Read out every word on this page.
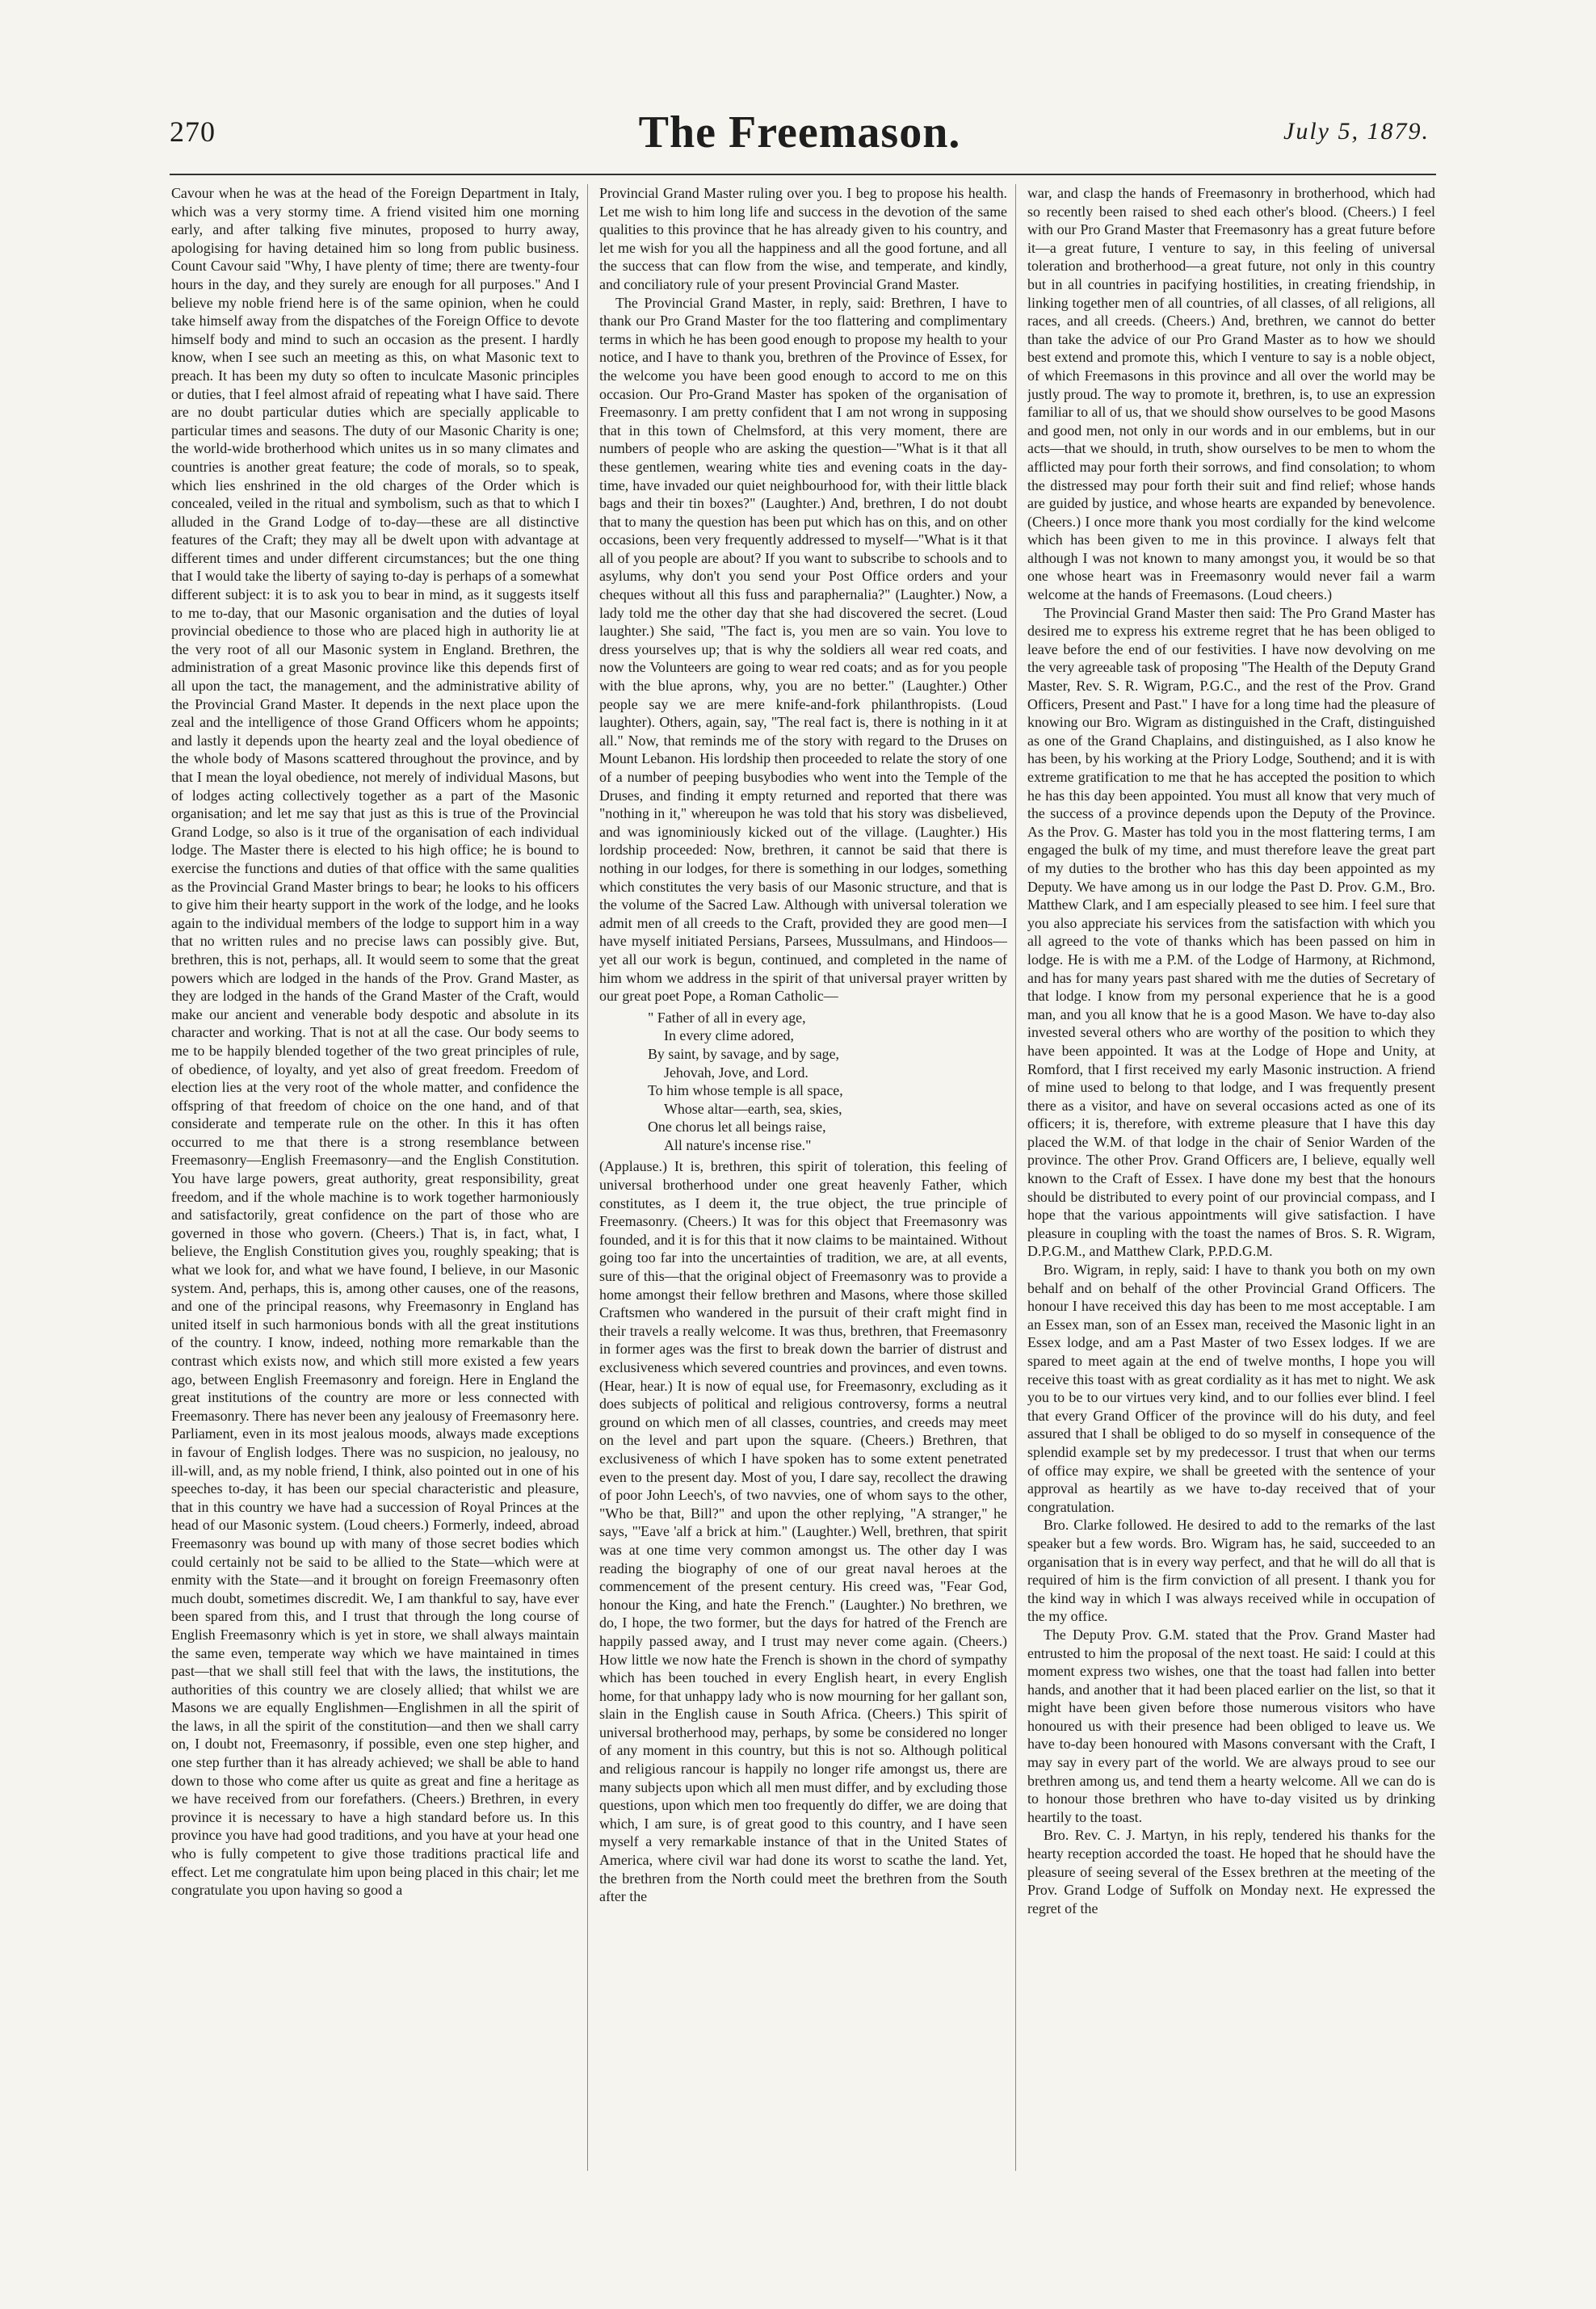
270	The Freemason.	July 5, 1879.

Cavour when he was at the head of the Foreign Department in Italy, which was a very stormy time. A friend visited him one morning early, and after talking five minutes, proposed to hurry away, apologising for having detained him so long from public business. Count Cavour said "Why, I have plenty of time; there are twenty-four hours in the day, and they surely are enough for all purposes." And I believe my noble friend here is of the same opinion, when he could take himself away from the dispatches of the Foreign Office to devote himself body and mind to such an occasion as the present. I hardly know, when I see such an meeting as this, on what Masonic text to preach. It has been my duty so often to inculcate Masonic principles or duties, that I feel almost afraid of repeating what I have said. There are no doubt particular duties which are specially applicable to particular times and seasons. The duty of our Masonic Charity is one; the world-wide brotherhood which unites us in so many climates and countries is another great feature; the code of morals, so to speak, which lies enshrined in the old charges of the Order which is concealed, veiled in the ritual and symbolism, such as that to which I alluded in the Grand Lodge of to-day—these are all distinctive features of the Craft; they may all be dwelt upon with advantage at different times and under different circumstances; but the one thing that I would take the liberty of saying to-day is perhaps of a somewhat different subject: it is to ask you to bear in mind, as it suggests itself to me to-day, that our Masonic organisation and the duties of loyal provincial obedience to those who are placed high in authority lie at the very root of all our Masonic system in England. Brethren, the administration of a great Masonic province like this depends first of all upon the tact, the management, and the administrative ability of the Provincial Grand Master. It depends in the next place upon the zeal and the intelligence of those Grand Officers whom he appoints; and lastly it depends upon the hearty zeal and the loyal obedience of the whole body of Masons scattered throughout the province, and by that I mean the loyal obedience, not merely of individual Masons, but of lodges acting collectively together as a part of the Masonic organisation; and let me say that just as this is true of the Provincial Grand Lodge, so also is it true of the organisation of each individual lodge. The Master there is elected to his high office; he is bound to exercise the functions and duties of that office with the same qualities as the Provincial Grand Master brings to bear; he looks to his officers to give him their hearty support in the work of the lodge, and he looks again to the individual members of the lodge to support him in a way that no written rules and no precise laws can possibly give. But, brethren, this is not, perhaps, all. It would seem to some that the great powers which are lodged in the hands of the Prov. Grand Master, as they are lodged in the hands of the Grand Master of the Craft, would make our ancient and venerable body despotic and absolute in its character and working. That is not at all the case. Our body seems to me to be happily blended together of the two great principles of rule, of obedience, of loyalty, and yet also of great freedom. Freedom of election lies at the very root of the whole matter, and confidence the offspring of that freedom of choice on the one hand, and of that considerate and temperate rule on the other. In this it has often occurred to me that there is a strong resemblance between Freemasonry—English Freemasonry—and the English Constitution. You have large powers, great authority, great responsibility, great freedom, and if the whole machine is to work together harmoniously and satisfactorily, great confidence on the part of those who are governed in those who govern. (Cheers.) That is, in fact, what, I believe, the English Constitution gives you, roughly speaking; that is what we look for, and what we have found, I believe, in our Masonic system. And, perhaps, this is, among other causes, one of the reasons, and one of the principal reasons, why Freemasonry in England has united itself in such harmonious bonds with all the great institutions of the country. I know, indeed, nothing more remarkable than the contrast which exists now, and which still more existed a few years ago, between English Freemasonry and foreign. Here in England the great institutions of the country are more or less connected with Freemasonry. There has never been any jealousy of Freemasonry here. Parliament, even in its most jealous moods, always made exceptions in favour of English lodges. There was no suspicion, no jealousy, no ill-will, and, as my noble friend, I think, also pointed out in one of his speeches to-day, it has been our special characteristic and pleasure, that in this country we have had a succession of Royal Princes at the head of our Masonic system. (Loud cheers.) Formerly, indeed, abroad Freemasonry was bound up with many of those secret bodies which could certainly not be said to be allied to the State—which were at enmity with the State—and it brought on foreign Freemasonry often much doubt, sometimes discredit. We, I am thankful to say, have ever been spared from this, and I trust that through the long course of English Freemasonry which is yet in store, we shall always maintain the same even, temperate way which we have maintained in times past—that we shall still feel that with the laws, the institutions, the authorities of this country we are closely allied; that whilst we are Masons we are equally Englishmen—Englishmen in all the spirit of the laws, in all the spirit of the constitution—and then we shall carry on, I doubt not, Freemasonry, if possible, even one step higher, and one step further than it has already achieved; we shall be able to hand down to those who come after us quite as great and fine a heritage as we have received from our forefathers. (Cheers.) Brethren, in every province it is necessary to have a high standard before us. In this province you have had good traditions, and you have at your head one who is fully competent to give those traditions practical life and effect. Let me congratulate him upon being placed in this chair; let me congratulate you upon having so good a

Provincial Grand Master ruling over you. I beg to propose his health. Let me wish to him long life and success in the devotion of the same qualities to this province that he has already given to his country, and let me wish for you all the happiness and all the good fortune, and all the success that can flow from the wise, and temperate, and kindly, and conciliatory rule of your present Provincial Grand Master.

The Provincial Grand Master, in reply, said: Brethren, I have to thank our Pro Grand Master for the too flattering and complimentary terms in which he has been good enough to propose my health to your notice, and I have to thank you, brethren of the Province of Essex, for the welcome you have been good enough to accord to me on this occasion. Our Pro-Grand Master has spoken of the organisation of Freemasonry. I am pretty confident that I am not wrong in supposing that in this town of Chelmsford, at this very moment, there are numbers of people who are asking the question—"What is it that all these gentlemen, wearing white ties and evening coats in the day-time, have invaded our quiet neighbourhood for, with their little black bags and their tin boxes?" (Laughter.) And, brethren, I do not doubt that to many the question has been put which has on this, and on other occasions, been very frequently addressed to myself—"What is it that all of you people are about? If you want to subscribe to schools and to asylums, why don't you send your Post Office orders and your cheques without all this fuss and paraphernalia?" (Laughter.) Now, a lady told me the other day that she had discovered the secret. (Loud laughter.) She said, "The fact is, you men are so vain. You love to dress yourselves up; that is why the soldiers all wear red coats, and now the Volunteers are going to wear red coats; and as for you people with the blue aprons, why, you are no better." (Laughter.) Other people say we are mere knife-and-fork philanthropists. (Loud laughter). Others, again, say, "The real fact is, there is nothing in it at all." Now, that reminds me of the story with regard to the Druses on Mount Lebanon. His lordship then proceeded to relate the story of one of a number of peeping busybodies who went into the Temple of the Druses, and finding it empty returned and reported that there was "nothing in it," whereupon he was told that his story was disbelieved, and was ignominiously kicked out of the village. (Laughter.) His lordship proceeded: Now, brethren, it cannot be said that there is nothing in our lodges, for there is something in our lodges, something which constitutes the very basis of our Masonic structure, and that is the volume of the Sacred Law. Although with universal toleration we admit men of all creeds to the Craft, provided they are good men—I have myself initiated Persians, Parsees, Mussulmans, and Hindoos—yet all our work is begun, continued, and completed in the name of him whom we address in the spirit of that universal prayer written by our great poet Pope, a Roman Catholic—

" Father of all in every age,
In every clime adored,
By saint, by savage, and by sage,
Jehovah, Jove, and Lord.
To him whose temple is all space,
Whose altar—earth, sea, skies,
One chorus let all beings raise,
All nature's incense rise."

(Applause.) It is, brethren, this spirit of toleration, this feeling of universal brotherhood under one great heavenly Father, which constitutes, as I deem it, the true object, the true principle of Freemasonry. (Cheers.) It was for this object that Freemasonry was founded, and it is for this that it now claims to be maintained. Without going too far into the uncertainties of tradition, we are, at all events, sure of this—that the original object of Freemasonry was to provide a home amongst their fellow brethren and Masons, where those skilled Craftsmen who wandered in the pursuit of their craft might find in their travels a really welcome. It was thus, brethren, that Freemasonry in former ages was the first to break down the barrier of distrust and exclusiveness which severed countries and provinces, and even towns. (Hear, hear.) It is now of equal use, for Freemasonry, excluding as it does subjects of political and religious controversy, forms a neutral ground on which men of all classes, countries, and creeds may meet on the level and part upon the square. (Cheers.) Brethren, that exclusiveness of which I have spoken has to some extent penetrated even to the present day. Most of you, I dare say, recollect the drawing of poor John Leech's, of two navvies, one of whom says to the other, "Who be that, Bill?" and upon the other replying, "A stranger," he says, "'Eave 'alf a brick at him." (Laughter.) Well, brethren, that spirit was at one time very common amongst us. The other day I was reading the biography of one of our great naval heroes at the commencement of the present century. His creed was, "Fear God, honour the King, and hate the French." (Laughter.) No brethren, we do, I hope, the two former, but the days for hatred of the French are happily passed away, and I trust may never come again. (Cheers.) How little we now hate the French is shown in the chord of sympathy which has been touched in every English heart, in every English home, for that unhappy lady who is now mourning for her gallant son, slain in the English cause in South Africa. (Cheers.) This spirit of universal brotherhood may, perhaps, by some be considered no longer of any moment in this country, but this is not so. Although political and religious rancour is happily no longer rife amongst us, there are many subjects upon which all men must differ, and by excluding those questions, upon which men too frequently do differ, we are doing that which, I am sure, is of great good to this country, and I have seen myself a very remarkable instance of that in the United States of America, where civil war had done its worst to scathe the land. Yet, the brethren from the North could meet the brethren from the South after the

war, and clasp the hands of Freemasonry in brotherhood, which had so recently been raised to shed each other's blood. (Cheers.) I feel with our Pro Grand Master that Freemasonry has a great future before it—a great future, I venture to say, in this feeling of universal toleration and brotherhood—a great future, not only in this country but in all countries in pacifying hostilities, in creating friendship, in linking together men of all countries, of all classes, of all religions, all races, and all creeds. (Cheers.) And, brethren, we cannot do better than take the advice of our Pro Grand Master as to how we should best extend and promote this, which I venture to say is a noble object, of which Freemasons in this province and all over the world may be justly proud. The way to promote it, brethren, is, to use an expression familiar to all of us, that we should show ourselves to be good Masons and good men, not only in our words and in our emblems, but in our acts—that we should, in truth, show ourselves to be men to whom the afflicted may pour forth their sorrows, and find consolation; to whom the distressed may pour forth their suit and find relief; whose hands are guided by justice, and whose hearts are expanded by benevolence. (Cheers.) I once more thank you most cordially for the kind welcome which has been given to me in this province. I always felt that although I was not known to many amongst you, it would be so that one whose heart was in Freemasonry would never fail a warm welcome at the hands of Freemasons. (Loud cheers.)

The Provincial Grand Master then said: The Pro Grand Master has desired me to express his extreme regret that he has been obliged to leave before the end of our festivities. I have now devolving on me the very agreeable task of proposing "The Health of the Deputy Grand Master, Rev. S. R. Wigram, P.G.C., and the rest of the Prov. Grand Officers, Present and Past." I have for a long time had the pleasure of knowing our Bro. Wigram as distinguished in the Craft, distinguished as one of the Grand Chaplains, and distinguished, as I also know he has been, by his working at the Priory Lodge, Southend; and it is with extreme gratification to me that he has accepted the position to which he has this day been appointed. You must all know that very much of the success of a province depends upon the Deputy of the Province. As the Prov. G. Master has told you in the most flattering terms, I am engaged the bulk of my time, and must therefore leave the great part of my duties to the brother who has this day been appointed as my Deputy. We have among us in our lodge the Past D. Prov. G.M., Bro. Matthew Clark, and I am especially pleased to see him. I feel sure that you also appreciate his services from the satisfaction with which you all agreed to the vote of thanks which has been passed on him in lodge. He is with me a P.M. of the Lodge of Harmony, at Richmond, and has for many years past shared with me the duties of Secretary of that lodge. I know from my personal experience that he is a good man, and you all know that he is a good Mason. We have to-day also invested several others who are worthy of the position to which they have been appointed. It was at the Lodge of Hope and Unity, at Romford, that I first received my early Masonic instruction. A friend of mine used to belong to that lodge, and I was frequently present there as a visitor, and have on several occasions acted as one of its officers; it is, therefore, with extreme pleasure that I have this day placed the W.M. of that lodge in the chair of Senior Warden of the province. The other Prov. Grand Officers are, I believe, equally well known to the Craft of Essex. I have done my best that the honours should be distributed to every point of our provincial compass, and I hope that the various appointments will give satisfaction. I have pleasure in coupling with the toast the names of Bros. S. R. Wigram, D.P.G.M., and Matthew Clark, P.P.D.G.M.

Bro. Wigram, in reply, said: I have to thank you both on my own behalf and on behalf of the other Provincial Grand Officers. The honour I have received this day has been to me most acceptable. I am an Essex man, son of an Essex man, received the Masonic light in an Essex lodge, and am a Past Master of two Essex lodges. If we are spared to meet again at the end of twelve months, I hope you will receive this toast with as great cordiality as it has met to night. We ask you to be to our virtues very kind, and to our follies ever blind. I feel that every Grand Officer of the province will do his duty, and feel assured that I shall be obliged to do so myself in consequence of the splendid example set by my predecessor. I trust that when our terms of office may expire, we shall be greeted with the sentence of your approval as heartily as we have to-day received that of your congratulation.

Bro. Clarke followed. He desired to add to the remarks of the last speaker but a few words. Bro. Wigram has, he said, succeeded to an organisation that is in every way perfect, and that he will do all that is required of him is the firm conviction of all present. I thank you for the kind way in which I was always received while in occupation of the my office.

The Deputy Prov. G.M. stated that the Prov. Grand Master had entrusted to him the proposal of the next toast. He said: I could at this moment express two wishes, one that the toast had fallen into better hands, and another that it had been placed earlier on the list, so that it might have been given before those numerous visitors who have honoured us with their presence had been obliged to leave us. We have to-day been honoured with Masons conversant with the Craft, I may say in every part of the world. We are always proud to see our brethren among us, and tend them a hearty welcome. All we can do is to honour those brethren who have to-day visited us by drinking heartily to the toast.

Bro. Rev. C. J. Martyn, in his reply, tendered his thanks for the hearty reception accorded the toast. He hoped that he should have the pleasure of seeing several of the Essex brethren at the meeting of the Prov. Grand Lodge of Suffolk on Monday next. He expressed the regret of the
